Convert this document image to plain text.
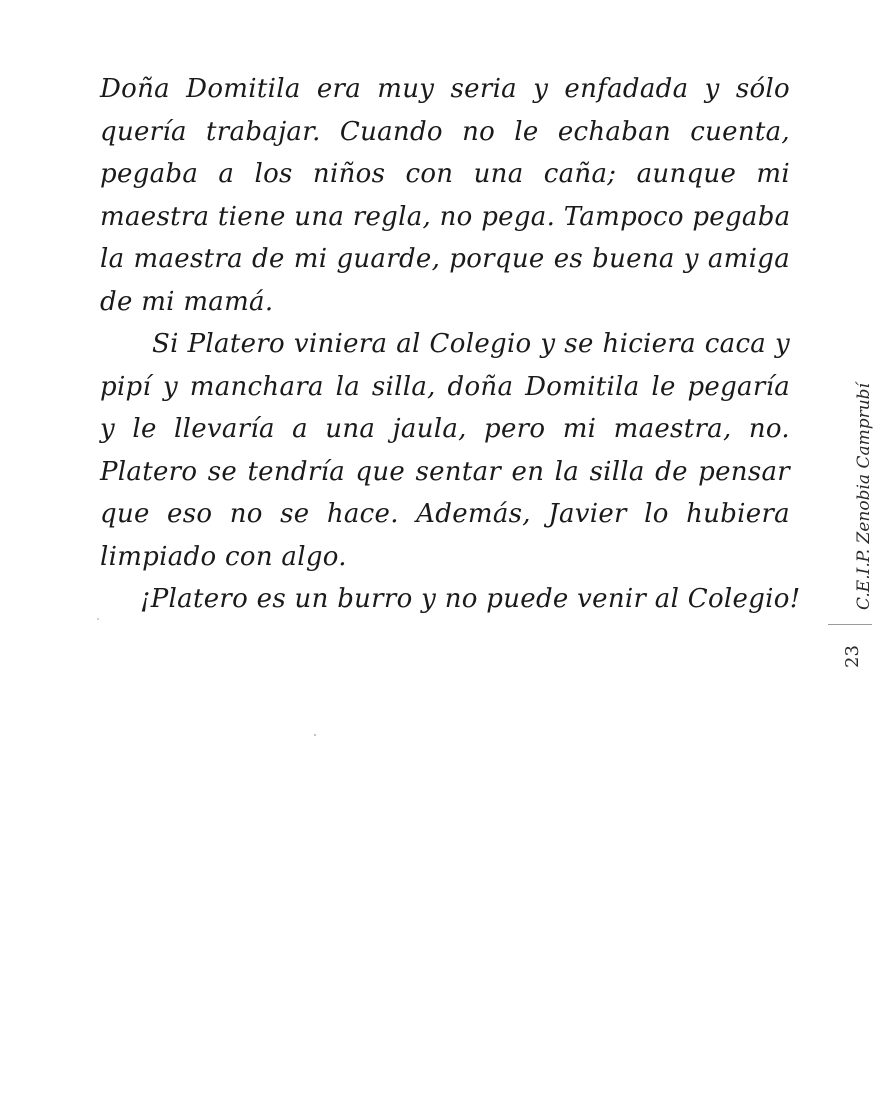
Doña Domitila era muy seria y enfadada y sólo
quería trabajar. Cuando no le echaban cuenta,
pegaba a los niños con una caña; aunque mi
maestra tiene una regla, no pega. Tampoco pegaba
la maestra de mi guarde, porque es buena y amiga
de mi mamá.
Si Platero viniera al Colegio y se hiciera caca y
pipí y manchara la silla, doña Domitila le pegaría
y le llevaría a una jaula, pero mi maestra, no.
Platero se tendría que sentar en la silla de pensar
que eso no se hace. Además, Javier lo hubiera
limpiado con algo.
¡Platero es un burro y no puede venir al Colegio!	C.E.I.P. Zenobia Camprubí
23
